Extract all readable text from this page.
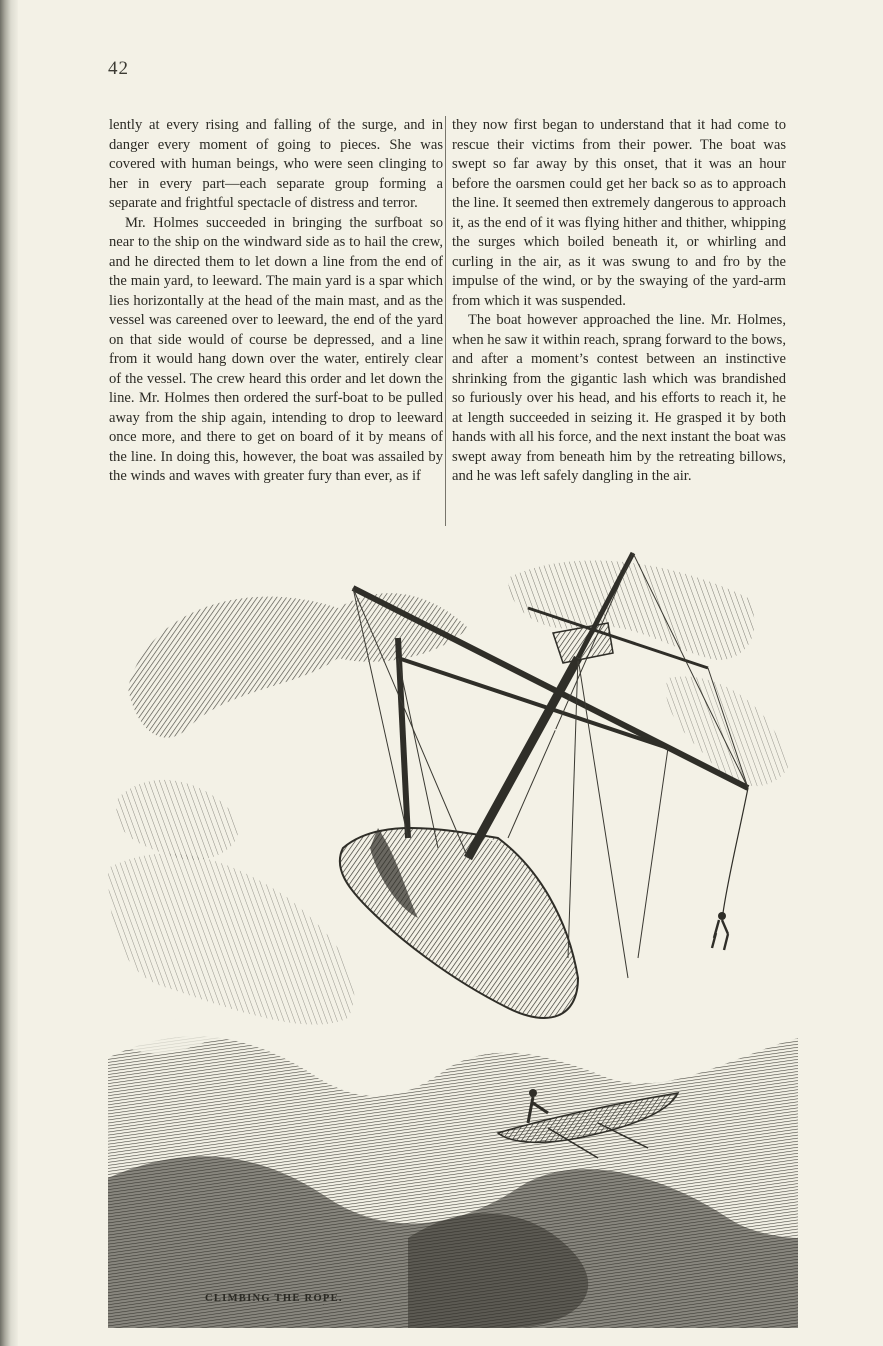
42

lently at every rising and falling of the surge, and in danger every moment of going to pieces. She was covered with human beings, who were seen clinging to her in every part—each separate group forming a separate and frightful spectacle of distress and terror.

Mr. Holmes succeeded in bringing the surfboat so near to the ship on the windward side as to hail the crew, and he directed them to let down a line from the end of the main yard, to leeward. The main yard is a spar which lies horizontally at the head of the main mast, and as the vessel was careened over to leeward, the end of the yard on that side would of course be depressed, and a line from it would hang down over the water, entirely clear of the vessel. The crew heard this order and let down the line. Mr. Holmes then ordered the surf-boat to be pulled away from the ship again, intending to drop to leeward once more, and there to get on board of it by means of the line. In doing this, however, the boat was assailed by the winds and waves with greater fury than ever, as if

they now first began to understand that it had come to rescue their victims from their power. The boat was swept so far away by this onset, that it was an hour before the oarsmen could get her back so as to approach the line. It seemed then extremely dangerous to approach it, as the end of it was flying hither and thither, whipping the surges which boiled beneath it, or whirling and curling in the air, as it was swung to and fro by the impulse of the wind, or by the swaying of the yard-arm from which it was suspended.

The boat however approached the line. Mr. Holmes, when he saw it within reach, sprang forward to the bows, and after a moment’s contest between an instinctive shrinking from the gigantic lash which was brandished so furiously over his head, and his efforts to reach it, he at length succeeded in seizing it. He grasped it by both hands with all his force, and the next instant the boat was swept away from beneath him by the retreating billows, and he was left safely dangling in the air.

CLIMBING THE ROPE.
